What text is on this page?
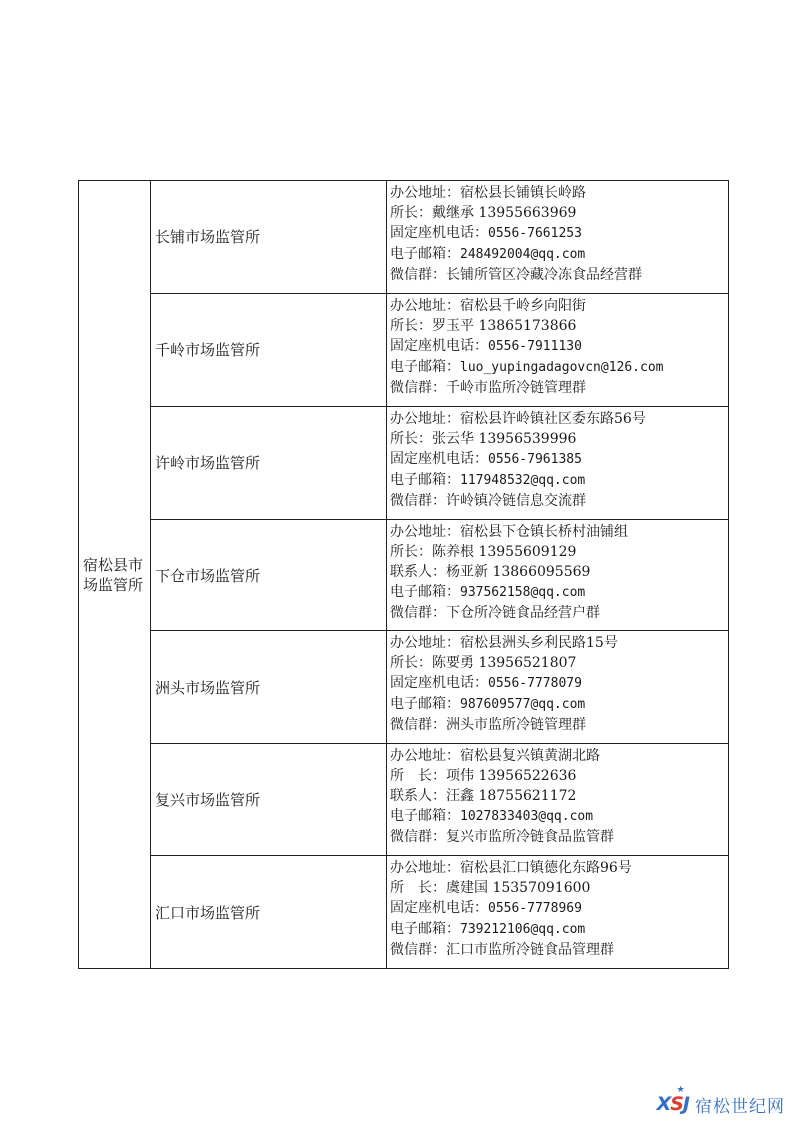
宿松县市
场监管所	长铺市场监管所	办公地址：宿松县长铺镇长岭路
所长：戴继承 13955663969
固定座机电话：0556-7661253
电子邮箱：248492004@qq.com
微信群：长铺所管区冷藏冷冻食品经营群

	千岭市场监管所	办公地址：宿松县千岭乡向阳街
所长：罗玉平 13865173866
固定座机电话：0556-7911130
电子邮箱：luo_yupingadagovcn@126.com
微信群：千岭市监所冷链管理群

	许岭市场监管所	办公地址：宿松县许岭镇社区委东路56号
所长：张云华 13956539996
固定座机电话：0556-7961385
电子邮箱：117948532@qq.com
微信群：许岭镇冷链信息交流群

	下仓市场监管所	办公地址：宿松县下仓镇长桥村油铺组
所长：陈养根 13955609129
联系人：杨亚新 13866095569
电子邮箱：937562158@qq.com
微信群：下仓所冷链食品经营户群

	洲头市场监管所	办公地址：宿松县洲头乡利民路15号
所长：陈要勇 13956521807
固定座机电话：0556-7778079
电子邮箱：987609577@qq.com
微信群：洲头市监所冷链管理群

	复兴市场监管所	办公地址：宿松县复兴镇黄湖北路
所　长：项伟 13956522636
联系人：汪鑫 18755621172
电子邮箱：1027833403@qq.com
微信群：复兴市监所冷链食品监管群

	汇口市场监管所	办公地址：宿松县汇口镇德化东路96号
所　长：虞建国 15357091600
固定座机电话：0556-7778969
电子邮箱：739212106@qq.com
微信群：汇口市监所冷链食品管理群
XSJ
★
宿松世纪网
